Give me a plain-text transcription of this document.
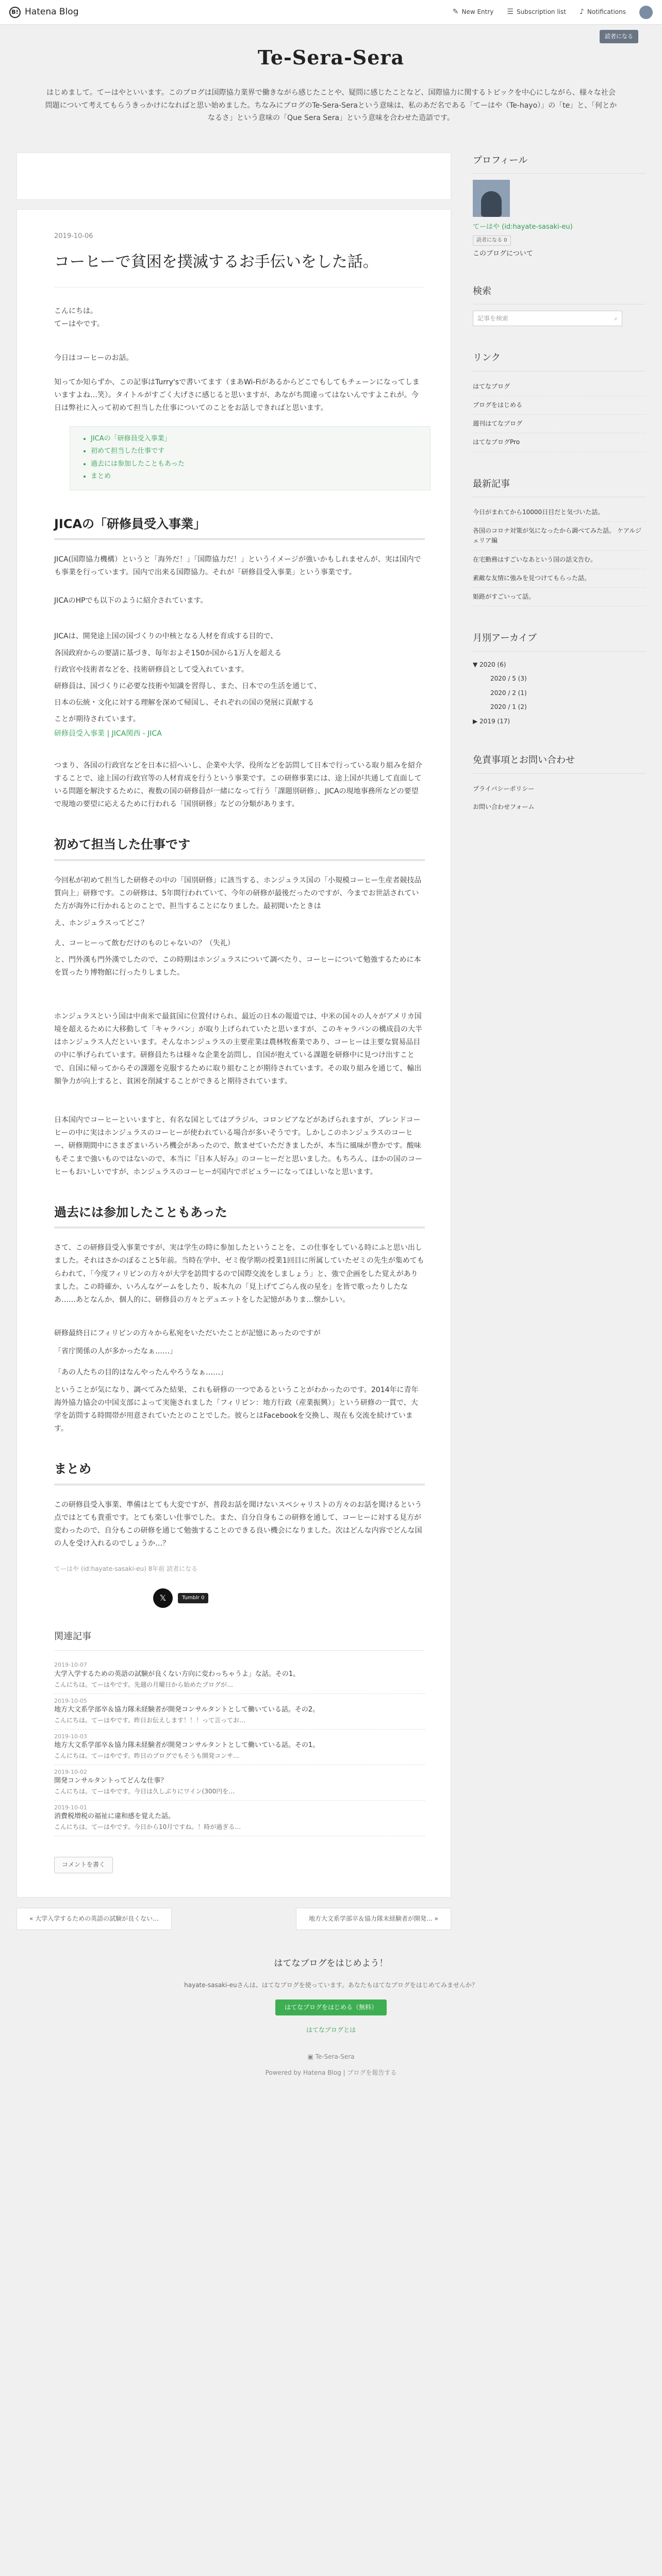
B! Hatena Blog	✎ New Entry ☰ Subscription list ♪ Notifications
読者になる
Te-Sera-Sera

はじめまして。てーはやといいます。このブログは国際協力業界で働きながら感じたことや、疑問に感じたことなど、国際協力に関するトピックを中心にしながら、様々な社会問題について考えてもらうきっかけになればと思い始めました。ちなみにブログのTe-Sera-Seraという意味は、私のあだ名である「てーはや（Te-hayo）」の「te」と、「何とかなるさ」という意味の「Que Sera Sera」という意味を合わせた造語です。

2019-10-06
コーヒーで貧困を撲滅するお手伝いをした話。

こんにちは。
てーはやです。

今日はコーヒーのお話。

知ってか知らずか、この記事はTurry'sで書いてます（まあWi-Fiがあるからどこでもしてもチェーンになってしまいますよね…笑）。タイトルがすごく大げさに感じると思いますが、あながち間違ってはないんですよこれが。今日は弊社に入って初めて担当した仕事についてのことをお話しできればと思います。

• JICAの「研修員受入事業」
• 初めて担当した仕事です
• 過去には参加したこともあった
• まとめ
JICAの「研修員受入事業」

JICA(国際協力機構）というと「海外だ！」「国際協力だ！」というイメージが強いかもしれませんが、実は国内でも事業を行っています。国内で出来る国際協力。それが「研修員受入事業」という事業です。

JICAのHPでも以下のように紹介されています。

JICAは、開発途上国の国づくりの中核となる人材を育成する目的で、
各国政府からの要請に基づき、毎年およそ150か国から1万人を超える
行政官や技術者などを、技術研修員として受入れています。
研修員は、国づくりに必要な技術や知識を習得し、また、日本での生活を通じて、
日本の伝統・文化に対する理解を深めて帰国し、それぞれの国の発展に貢献する
ことが期待されています。

研修員受入事業 | JICA関西 - JICA

つまり、各国の行政官などを日本に招へいし、企業や大学、役所などを訪問して日本で行っている取り組みを紹介することで、途上国の行政官等の人材育成を行うという事業です。この研修事業には、途上国が共通して直面している問題を解決するために、複数の国の研修員が一緒になって行う「課題別研修」、JICAの現地事務所などの要望で現地の要望に応えるために行われる「国別研修」などの分類があります。

初めて担当した仕事です

今回私が初めて担当した研修その中の「国別研修」に該当する、ホンジュラス国の「小規模コーヒー生産者競技品質向上」研修です。この研修は、5年間行われていて、今年の研修が最後だったのですが、今までお世話されていた方が海外に行かれるとのことで、担当することになりました。最初聞いたときは

え、ホンジュラスってどこ？

え、コーヒーって飲むだけのものじゃないの？（失礼）

と、門外漢も門外漢でしたので、この時期はホンジュラスについて調べたり、コーヒーについて勉強するために本を買ったり博物館に行ったりしました。

ホンジュラスという国は中南米で最貧国に位置付けられ、最近の日本の報道では、中米の国々の人々がアメリカ国境を超えるために大移動して「キャラバン」が取り上げられていたと思いますが、このキャラバンの構成員の大半はホンジュラス人だといいます。そんなホンジュラスの主要産業は農林牧畜業であり、コーヒーは主要な貿易品目の中に挙げられています。研修員たちは様々な企業を訪問し、自国が抱えている課題を研修中に見つけ出すことで、自国に帰ってからその課題を克服するために取り組むことが期待されています。その取り組みを通じて、輸出額争力が向上すると、貧困を削減することができると期待されています。

日本国内でコーヒーといいますと、有名な国としてはブラジル、コロンビアなどがあげられますが、ブレンドコーヒーの中に実はホンジュラスのコーヒーが使われている場合が多いそうです。しかしこのホンジュラスのコーヒー、研修期間中にさまざまいろいろ機会があったので、飲ませていただきましたが、本当に風味が豊かです。酸味もそこまで強いものではないので、本当に『日本人好み』のコーヒーだと思いました。もちろん、ほかの国のコーヒーもおいしいですが、ホンジュラスのコーヒーが国内でポピュラーになってほしいなと思います。

過去には参加したこともあった

さて、この研修員受入事業ですが、実は学生の時に参加したということを、この仕事をしている時にふと思い出しました。それはさかのぼること5年前。当時在学中、ゼミ俊学期の授業1回目に所属していたゼミの先生が集めてもらわれて、「今度フィリピンの方々が大学を訪問するので国際交流をしましょう」と、強で企画をした覚えがありました。この時確か、いろんなゲームをしたり、坂本九の「見上げてごらん夜の星を」を皆で歌ったりしたなあ……あとなんか、個人的に、研修員の方々とデュエットをした記憶がありま…懐かしい。

研修最終日にフィリピンの方々から私宛をいただいたことが記憶にあったのですが

「省庁関係の人が多かったなぁ……」

「あの人たちの目的はなんやったんやろうなぁ……」

ということが気になり、調べてみた結果、これも研修の一つであるということがわかったのです。2014年に青年海外協力協会の中国支部によって実施されました「フィリピン：地方行政（産業振興）」という研修の一貫で、大学を訪問する時間帯が用意されていたとのことでした。彼らとはFacebookを交換し、現在も交流を続けています。

まとめ

この研修員受入事業、準備はとても大変ですが、普段お話を聞けないスペシャリストの方々のお話を聞けるという点ではとても貴重です。とても楽しい仕事でした。また、自分自身もこの研修を通して、コーヒーに対する見方が変わったので、自分もこの研修を通じて勉強することのできる良い機会になりました。次はどんな内容でどんな国の人を受け入れるのでしょうか…？

てーはや (id:hayate-sasaki-eu) 8年前 読者になる
𝕏	Tumblr 0
関連記事
2019-10-07
大学入学するための英語の試験が良くない方向に変わっちゃうよ」な話。その1。
こんにちは。てーはやです。先週の月曜日から始めたブログが…
2019-10-05
地方大文系学部卒＆協力隊未経験者が開発コンサルタントとして働いている話。その2。
こんにちは。てーはやです。昨日お伝えします！！！って言ってお…
2019-10-03
地方大文系学部卒＆協力隊未経験者が開発コンサルタントとして働いている話。その1。
こんにちは。てーはやです。昨日のブログでもそうも開発コンサ…
2019-10-02
開発コンサルタントってどんな仕事？
こんにちは。てーはやです。今日は久しぶりにワイン(300円を…
2019-10-01
消費税増税の福祉に違和感を覚えた話。
こんにちは。てーはやです。今日から10月ですね。！時が過ぎる…
コメントを書く
« 大学入学するための英語の試験が良くない…	地方大文系学部卒＆協力隊未経験者が開発… »
プロフィール
てーはや (id:hayate-sasaki-eu)
読者になる 0
このブログについて
検索
記事を検索	⌕
リンク
はてなブログ
ブログをはじめる
週刊はてなブログ
はてなブログPro
最新記事
今日がまれてから10000日目だと気づいた話。
各国のコロナ対策が気になったから調べてみた話。 ケアルジェリア編
在宅勤務はすごいなあという国の話文告む。
素敵な友情に強みを見つけてもらった話。
姫路がすごいって話。
月別アーカイブ
▼ 2020 (6)
2020 / 5 (3)
2020 / 2 (1)
2020 / 1 (2)
▶ 2019 (17)
免責事項とお問い合わせ
プライバシーポリシー
お問い合わせフォーム
はてなブログをはじめよう！
hayate-sasaki-euさんは、はてなブログを使っています。あなたもはてなブログをはじめてみませんか？
はてなブログをはじめる（無料）
はてなブログとは
▣ Te-Sera-Sera
Powered by Hatena Blog | ブログを報告する
